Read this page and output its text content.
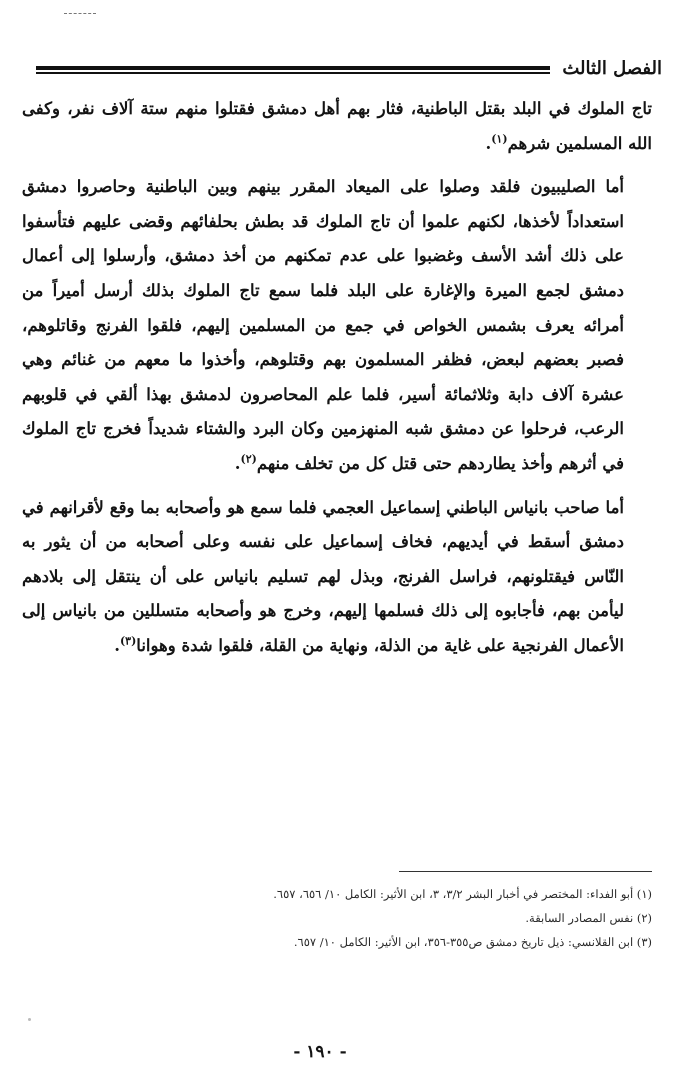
الفصل الثالث

تاج الملوك في البلد بقتل الباطنية، فثار بهم أهل دمشق فقتلوا منهم ستة آلاف نفر، وكفى الله المسلمين شرهم$^{(١)}$.

أما الصليبيون فلقد وصلوا على الميعاد المقرر بينهم وبين الباطنية وحاصروا دمشق استعداداً لأخذها، لكنهم علموا أن تاج الملوك قد بطش بحلفائهم وقضى عليهم فتأسفوا على ذلك أشد الأسف وغضبوا على عدم تمكنهم من أخذ دمشق، وأرسلوا إلى أعمال دمشق لجمع الميرة والإغارة على البلد فلما سمع تاج الملوك بذلك أرسل أميراً من أمرائه يعرف بشمس الخواص في جمع من المسلمين إليهم، فلقوا الفرنج وقاتلوهم، فصبر بعضهم لبعض، فظفر المسلمون بهم وقتلوهم، وأخذوا ما معهم من غنائم وهي عشرة آلاف دابة وثلاثمائة أسير، فلما علم المحاصرون لدمشق بهذا ألقي في قلوبهم الرعب، فرحلوا عن دمشق شبه المنهزمين وكان البرد والشتاء شديداً فخرج تاج الملوك في أثرهم وأخذ يطاردهم حتى قتل كل من تخلف منهم$^{(٢)}$.

أما صاحب بانياس الباطني إسماعيل العجمي فلما سمع هو وأصحابه بما وقع لأقرانهم في دمشق أسقط في أيديهم، فخاف إسماعيل على نفسه وعلى أصحابه من أن يثور به النّاس فيقتلونهم، فراسل الفرنج، وبذل لهم تسليم بانياس على أن ينتقل إلى بلادهم ليأمن بهم، فأجابوه إلى ذلك فسلمها إليهم، وخرج هو وأصحابه متسللين من بانياس إلى الأعمال الفرنجية على غاية من الذلة، ونهاية من القلة، فلقوا شدة وهوانا$^{(٣)}$.

(١) أبو الفداء: المختصر في أخبار البشر ٣/٢، ٣، ابن الأثير: الكامل ١٠/ ٦٥٦، ٦٥٧.

(٢) نفس المصادر السابقة.

(٣) ابن القلانسي: ذيل تاريخ دمشق ص٣٥٥-٣٥٦، ابن الأثير: الكامل ١٠/ ٦٥٧.

- ١٩٠ -
